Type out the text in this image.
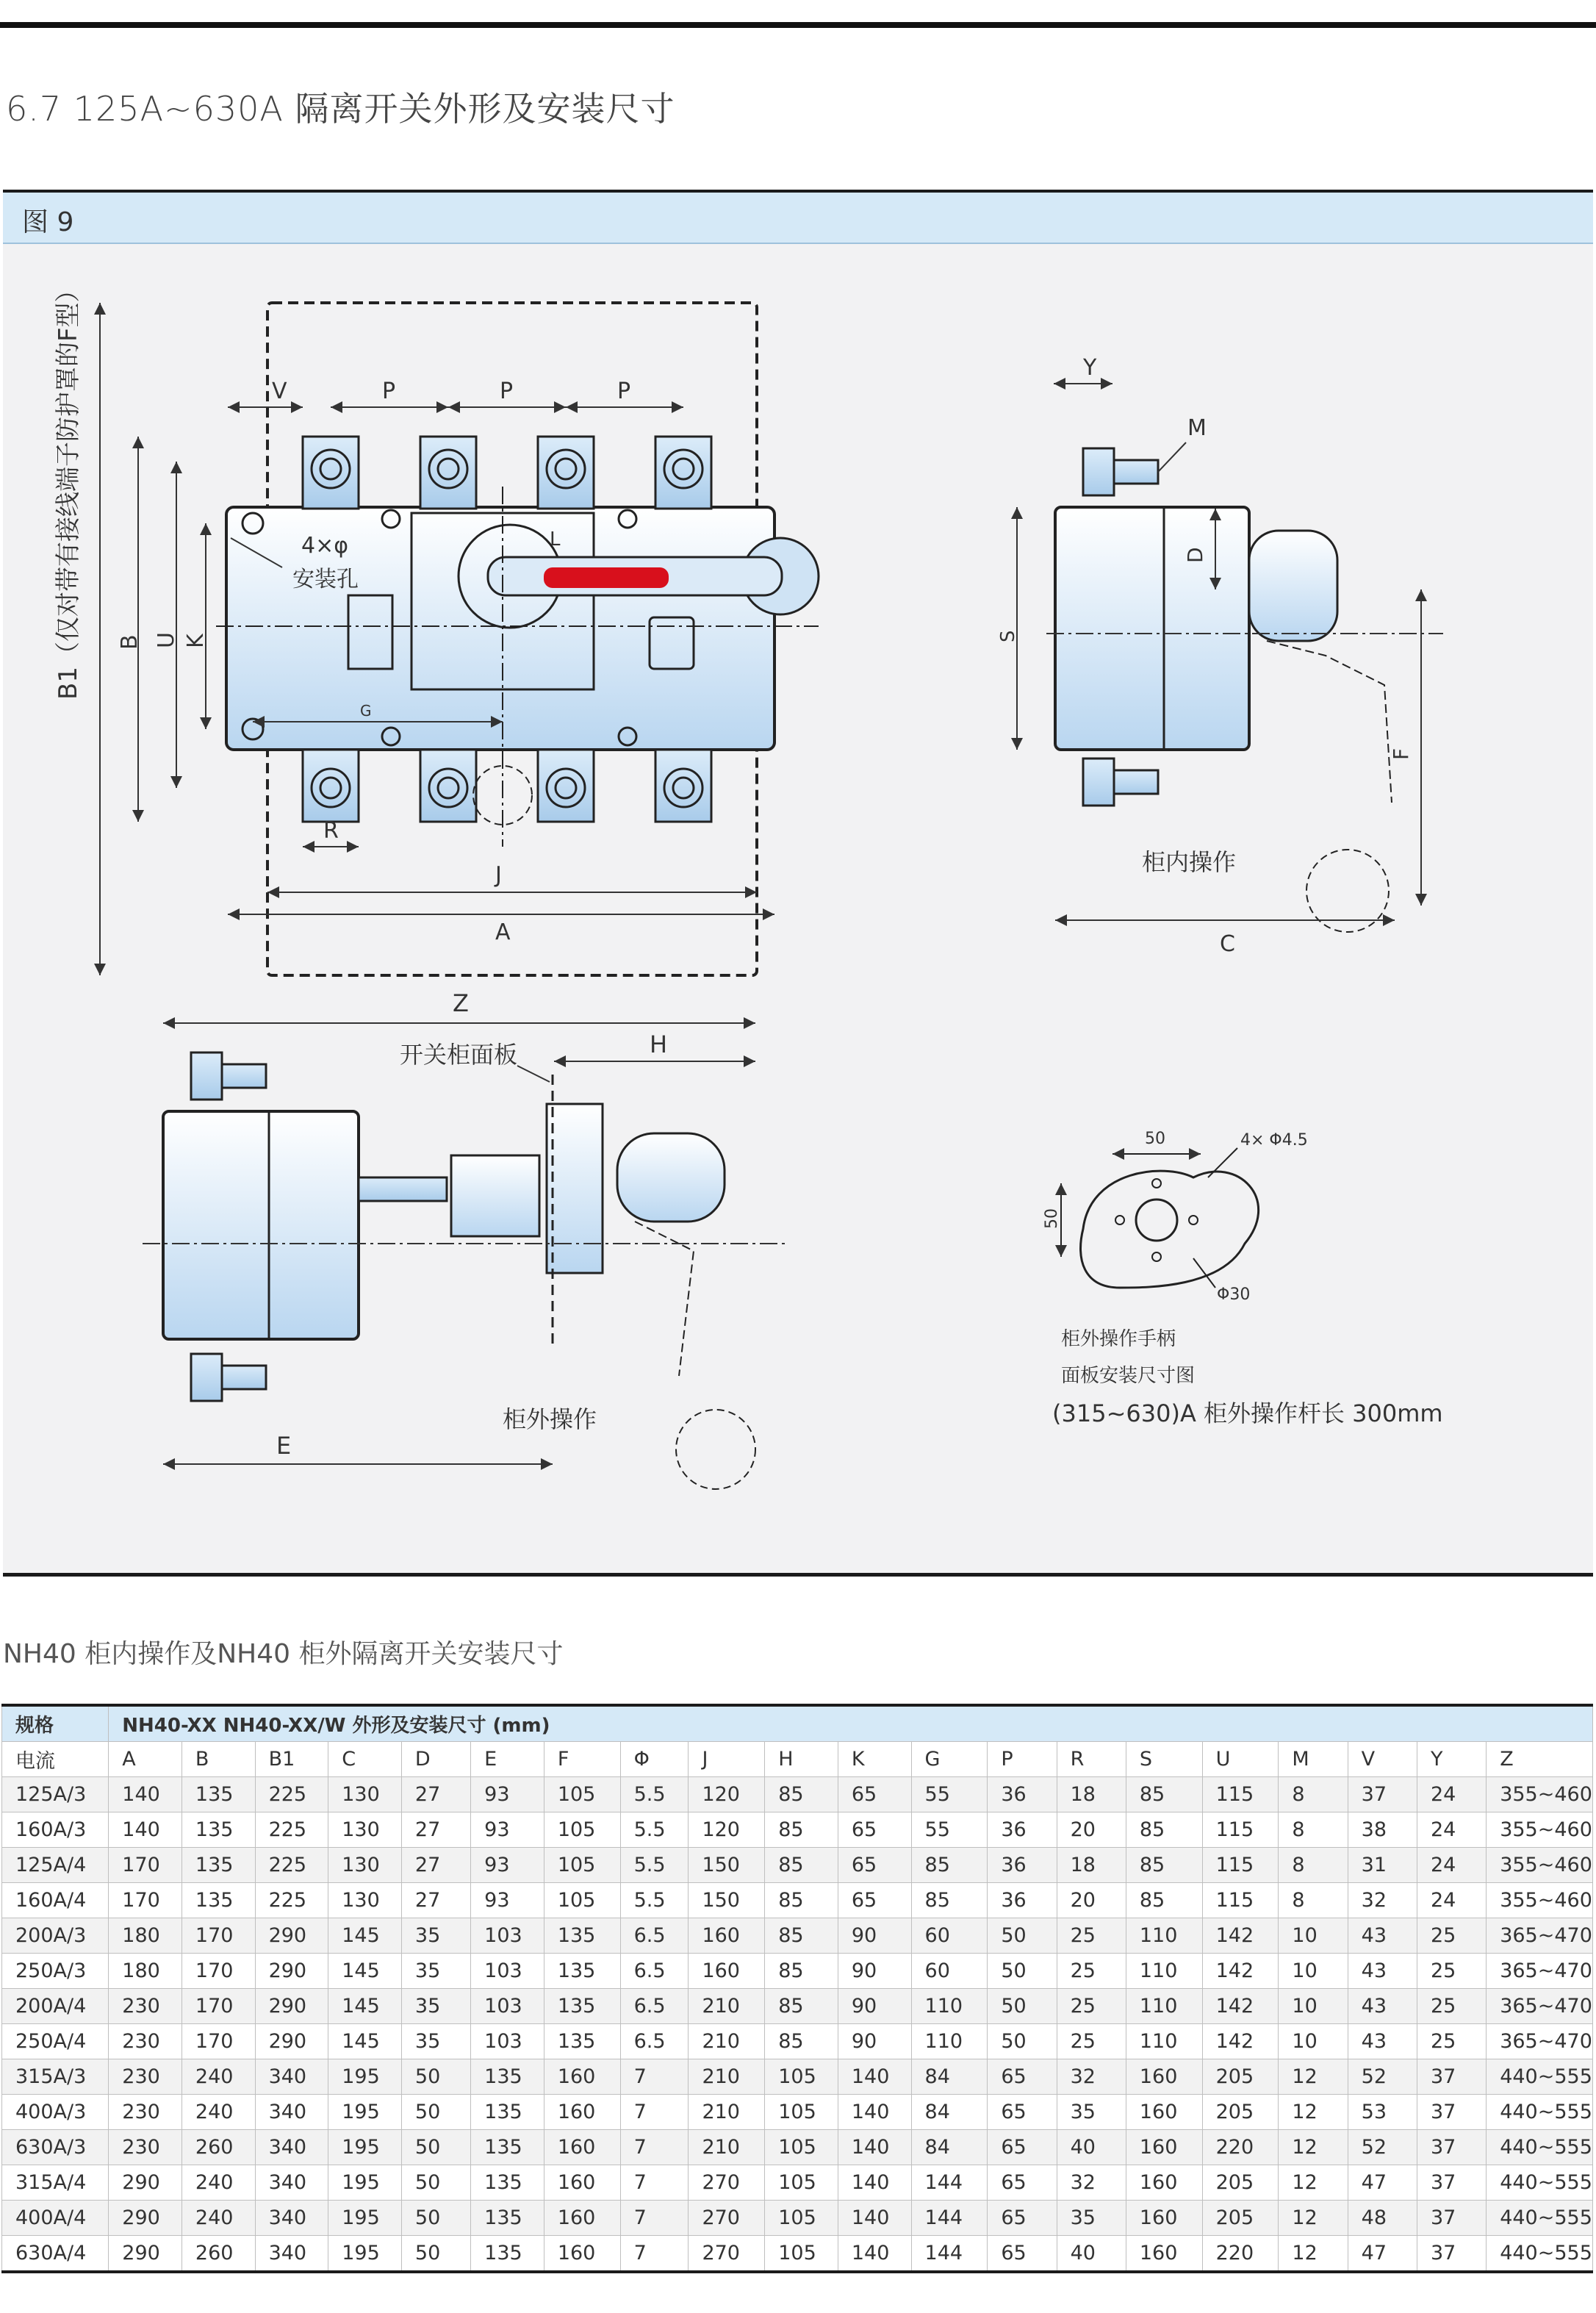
6.7 125A~630A 隔离开关外形及安装尺寸
图 9
B1（仅对带有接线端子防护罩的F型） B U K
V	P	P	P
R
J
A
G
L
4×φ
安装孔
Y
M
D
S
F
C
柜内操作
Z
H
E
开关柜面板
柜外操作
50
50
4× Φ4.5
Φ30
柜外操作手柄
面板安装尺寸图
(315~630)A 柜外操作杆长 300mm
NH40 柜内操作及NH40 柜外隔离开关安装尺寸
规格	NH40-XX NH40-XX/W 外形及安装尺寸 (mm)																			
电流	A	B	B1	C	D	E	F	Φ	J	H	K	G	P	R	S	U	M	V	Y	Z
125A/3	140	135	225	130	27	93	105	5.5	120	85	65	55	36	18	85	115	8	37	24	355~460
160A/3	140	135	225	130	27	93	105	5.5	120	85	65	55	36	20	85	115	8	38	24	355~460
125A/4	170	135	225	130	27	93	105	5.5	150	85	65	85	36	18	85	115	8	31	24	355~460
160A/4	170	135	225	130	27	93	105	5.5	150	85	65	85	36	20	85	115	8	32	24	355~460
200A/3	180	170	290	145	35	103	135	6.5	160	85	90	60	50	25	110	142	10	43	25	365~470
250A/3	180	170	290	145	35	103	135	6.5	160	85	90	60	50	25	110	142	10	43	25	365~470
200A/4	230	170	290	145	35	103	135	6.5	210	85	90	110	50	25	110	142	10	43	25	365~470
250A/4	230	170	290	145	35	103	135	6.5	210	85	90	110	50	25	110	142	10	43	25	365~470
315A/3	230	240	340	195	50	135	160	7	210	105	140	84	65	32	160	205	12	52	37	440~555
400A/3	230	240	340	195	50	135	160	7	210	105	140	84	65	35	160	205	12	53	37	440~555
630A/3	230	260	340	195	50	135	160	7	210	105	140	84	65	40	160	220	12	52	37	440~555
315A/4	290	240	340	195	50	135	160	7	270	105	140	144	65	32	160	205	12	47	37	440~555
400A/4	290	240	340	195	50	135	160	7	270	105	140	144	65	35	160	205	12	48	37	440~555
630A/4	290	260	340	195	50	135	160	7	270	105	140	144	65	40	160	220	12	47	37	440~555
